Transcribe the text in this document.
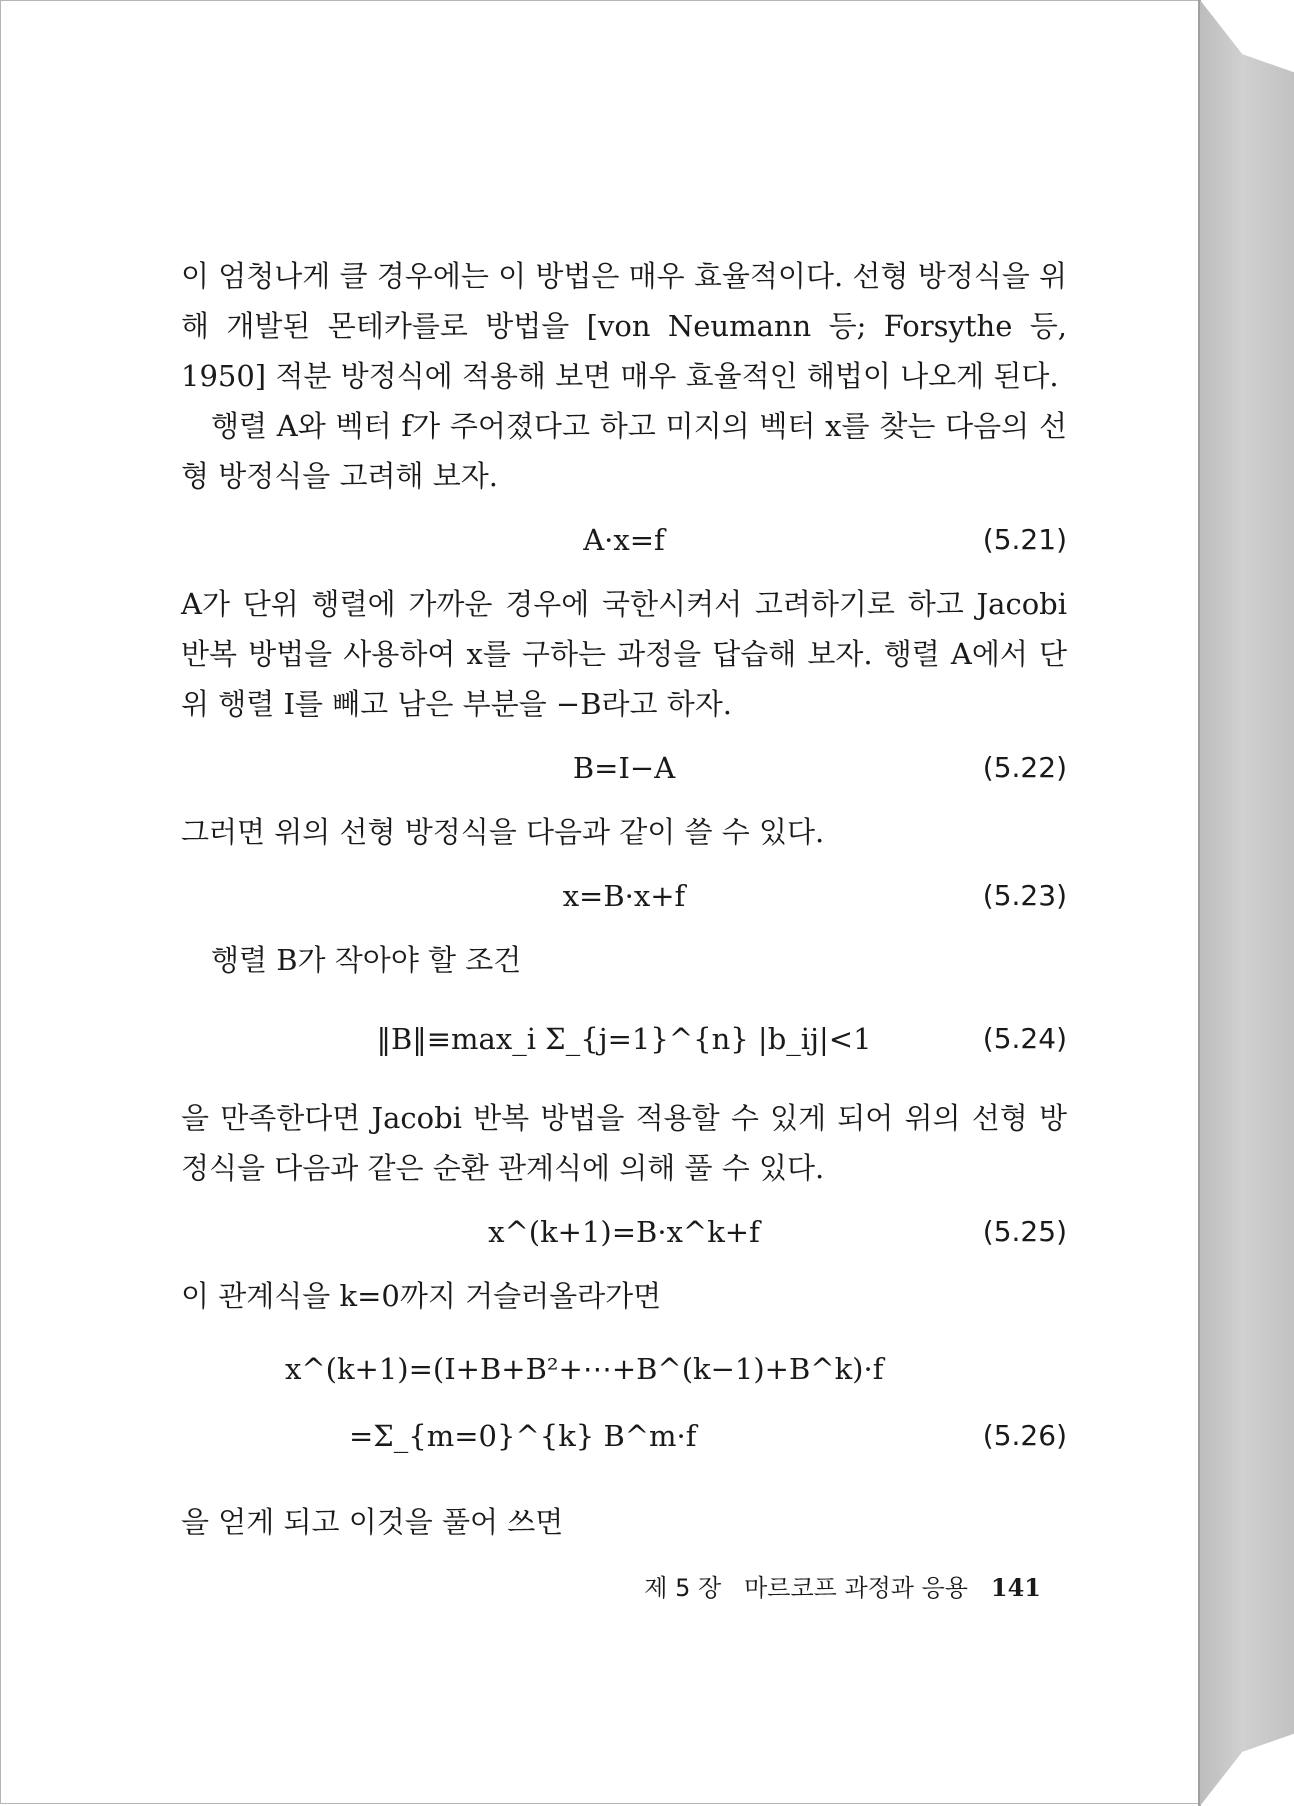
이 엄청나게 클 경우에는 이 방법은 매우 효율적이다. 선형 방정식을 위해 개발된 몬테카를로 방법을 [von Neumann 등; Forsythe 등, 1950] 적분 방정식에 적용해 보면 매우 효율적인 해법이 나오게 된다.

행렬 A와 벡터 f가 주어졌다고 하고 미지의 벡터 x를 찾는 다음의 선형 방정식을 고려해 보자.

A·x=f	(5.21)

A가 단위 행렬에 가까운 경우에 국한시켜서 고려하기로 하고 Jacobi 반복 방법을 사용하여 x를 구하는 과정을 답습해 보자. 행렬 A에서 단위 행렬 I를 빼고 남은 부분을 −B라고 하자.

B=I−A	(5.22)

그러면 위의 선형 방정식을 다음과 같이 쓸 수 있다.

x=B·x+f	(5.23)

행렬 B가 작아야 할 조건

‖B‖≡max_i Σ_{j=1}^{n} |b_ij|<1	(5.24)

을 만족한다면 Jacobi 반복 방법을 적용할 수 있게 되어 위의 선형 방정식을 다음과 같은 순환 관계식에 의해 풀 수 있다.

x^(k+1)=B·x^k+f	(5.25)

이 관계식을 k=0까지 거슬러올라가면

x^(k+1)=(I+B+B²+⋯+B^(k−1)+B^k)·f
=Σ_{m=0}^{k} B^m·f	(5.26)

을 얻게 되고 이것을 풀어 쓰면

제 5 장 마르코프 과정과 응용 141
